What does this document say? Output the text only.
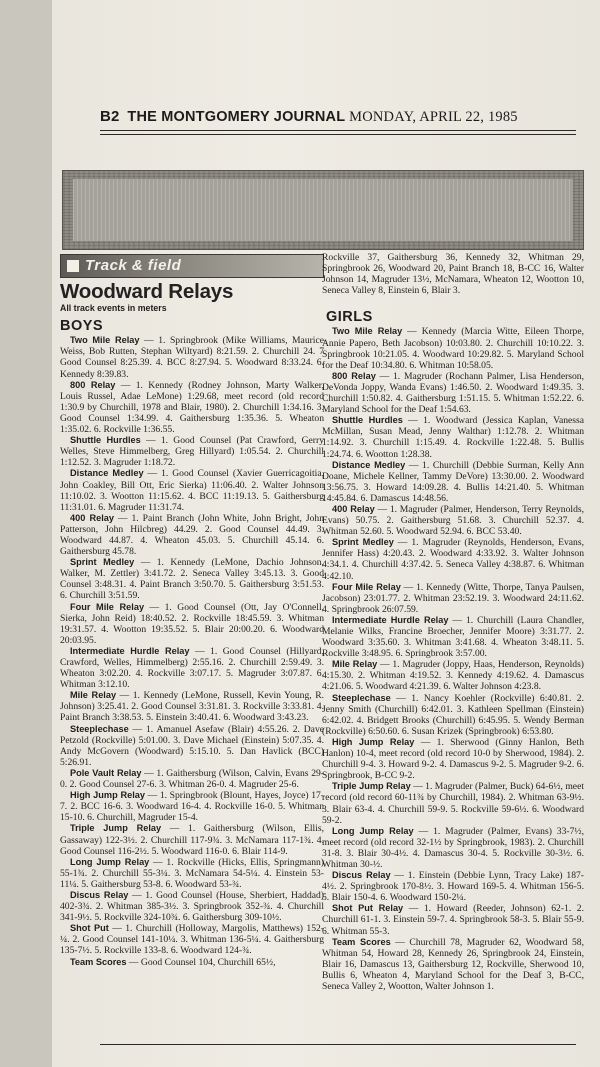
B2 THE MONTGOMERY JOURNAL MONDAY, APRIL 22, 1985
Track & field
Woodward Relays
All track events in meters
BOYS

Two Mile Relay — 1. Springbrook (Mike Williams, Maurice Weiss, Bob Rutten, Stephan Wiltyard) 8:21.59. 2. Churchill 24. 7 Good Counsel 8:25.39. 4. BCC 8:27.94. 5. Woodward 8:33.24. 6. Kennedy 8:39.83.

800 Relay — 1. Kennedy (Rodney Johnson, Marty Walker, Louis Russel, Adae LeMone) 1:29.68, meet record (old record 1:30.9 by Churchill, 1978 and Blair, 1980). 2. Churchill 1:34.16. 3. Good Counsel 1:34.99. 4. Gaithersburg 1:35.36. 5. Wheaton 1:35.02. 6. Rockville 1:36.55.

Shuttle Hurdles — 1. Good Counsel (Pat Crawford, Gerry Welles, Steve Himmelberg, Greg Hillyard) 1:05.54. 2. Churchill 1:12.52. 3. Magruder 1:18.72.

Distance Medley — 1. Good Counsel (Xavier Guerricagoitia, John Coakley, Bill Ott, Eric Sierka) 11:06.40. 2. Walter Johnson 11:10.02. 3. Wootton 11:15.62. 4. BCC 11:19.13. 5. Gaithersburg 11:31.01. 6. Magruder 11:31.74.

400 Relay — 1. Paint Branch (John White, John Bright, John Patterson, John Hilcbreg) 44.29. 2. Good Counsel 44.49. 3. Woodward 44.87. 4. Wheaton 45.03. 5. Churchill 45.14. 6. Gaithersburg 45.78.

Sprint Medley — 1. Kennedy (LeMone, Dachio Johnson, Walker, M. Zettler) 3:41.72. 2. Seneca Valley 3:45.13. 3. Good Counsel 3:48.31. 4. Paint Branch 3:50.70. 5. Gaithersburg 3:51.53. 6. Churchill 3:51.59.

Four Mile Relay — 1. Good Counsel (Ott, Jay O'Connell, Sierka, John Reid) 18:40.52. 2. Rockville 18:45.59. 3. Whitman 19:31.57. 4. Wootton 19:35.52. 5. Blair 20:00.20. 6. Woodward 20:03.95.

Intermediate Hurdle Relay — 1. Good Counsel (Hillyard, Crawford, Welles, Himmelberg) 2:55.16. 2. Churchill 2:59.49. 3. Wheaton 3:02.20. 4. Rockville 3:07.17. 5. Magruder 3:07.87. 6. Whitman 3:12.10.

Mile Relay — 1. Kennedy (LeMone, Russell, Kevin Young, R. Johnson) 3:25.41. 2. Good Counsel 3:31.81. 3. Rockville 3:33.81. 4. Paint Branch 3:38.53. 5. Einstein 3:40.41. 6. Woodward 3:43.23.

Steeplechase — 1. Amanuel Asefaw (Blair) 4:55.26. 2. Dave Petzold (Rockville) 5:01.00. 3. Dave Michael (Einstein) 5:07.35. 4. Andy McGovern (Woodward) 5:15.10. 5. Dan Havlick (BCC) 5:26.91.

Pole Vault Relay — 1. Gaithersburg (Wilson, Calvin, Evans 29-0. 2. Good Counsel 27-6. 3. Whitman 26-0. 4. Magruder 25-6.

High Jump Relay — 1. Springbrook (Blount, Hayes, Joyce) 17-7. 2. BCC 16-6. 3. Woodward 16-4. 4. Rockville 16-0. 5. Whitman 15-10. 6. Churchill, Magruder 15-4.

Triple Jump Relay — 1. Gaithersburg (Wilson, Ellis, Gassaway) 122-3½. 2. Churchill 117-9¾. 3. McNamara 117-1¾. 4. Good Counsel 116-2½. 5. Woodward 116-0. 6. Blair 114-9.

Long Jump Relay — 1. Rockville (Hicks, Ellis, Springmann) 55-1¾. 2. Churchill 55-3¼. 3. McNamara 54-5¼. 4. Einstein 53-11¼. 5. Gaithersburg 53-8. 6. Woodward 53-¾.

Discus Relay — 1. Good Counsel (House, Sherbiert, Haddad) 402-3¾. 2. Whitman 385-3½. 3. Springbrook 352-¾. 4. Churchill 341-9½. 5. Rockville 324-10¾. 6. Gaithersburg 309-10½.

Shot Put — 1. Churchill (Holloway, Margolis, Matthews) 152-¼. 2. Good Counsel 141-10¼. 3. Whitman 136-5¼. 4. Gaithersburg 135-7½. 5. Rockville 133-8. 6. Woodward 124-¾.

Team Scores — Good Counsel 104, Churchill 65½,

Rockville 37, Gaithersburg 36, Kennedy 32, Whitman 29, Springbrook 26, Woodward 20, Paint Branch 18, B-CC 16, Walter Johnson 14, Magruder 13½, McNamara, Wheaton 12, Wootton 10, Seneca Valley 8, Einstein 6, Blair 3.

GIRLS

Two Mile Relay — Kennedy (Marcia Witte, Eileen Thorpe, Annie Papero, Beth Jacobson) 10:03.80. 2. Churchill 10:10.22. 3. Springbrook 10:21.05. 4. Woodward 10:29.82. 5. Maryland School for the Deaf 10:34.80. 6. Whitman 10:58.05.

800 Relay — 1. Magruder (Rochann Palmer, Lisa Henderson, DeVonda Joppy, Wanda Evans) 1:46.50. 2. Woodward 1:49.35. 3. Churchill 1:50.82. 4. Gaithersburg 1:51.15. 5. Whitman 1:52.22. 6. Maryland School for the Deaf 1:54.63.

Shuttle Hurdles — 1. Woodward (Jessica Kaplan, Vanessa McMillan, Susan Mead, Jenny Walthar) 1:12.78. 2. Whitman 1:14.92. 3. Churchill 1:15.49. 4. Rockville 1:22.48. 5. Bullis 1:24.74. 6. Wootton 1:28.38.

Distance Medley — 1. Churchill (Debbie Surman, Kelly Ann Doane, Michele Kellner, Tammy DeVore) 13:30.00. 2. Woodward 13:56.75. 3. Howard 14:09.28. 4. Bullis 14:21.40. 5. Whitman 14:45.84. 6. Damascus 14:48.56.

400 Relay — 1. Magruder (Palmer, Henderson, Terry Reynolds, Evans) 50.75. 2. Gaithersburg 51.68. 3. Churchill 52.37. 4. Whitman 52.60. 5. Woodward 52.94. 6. BCC 53.40.

Sprint Medley — 1. Magruder (Reynolds, Henderson, Evans, Jennifer Hass) 4:20.43. 2. Woodward 4:33.92. 3. Walter Johnson 4:34.1. 4. Churchill 4:37.42. 5. Seneca Valley 4:38.87. 6. Whitman 4:42.10.

Four Mile Relay — 1. Kennedy (Witte, Thorpe, Tanya Paulsen, Jacobson) 23:01.77. 2. Whitman 23:52.19. 3. Woodward 24:11.62. 4. Springbrook 26:07.59.

Intermediate Hurdle Relay — 1. Churchill (Laura Chandler, Melanie Wilks, Francine Broecher, Jennifer Moore) 3:31.77. 2. Woodward 3:35.60. 3. Whitman 3:41.68. 4. Wheaton 3:48.11. 5. Rockville 3:48.95. 6. Springbrook 3:57.00.

Mile Relay — 1. Magruder (Joppy, Haas, Henderson, Reynolds) 4:15.30. 2. Whitman 4:19.52. 3. Kennedy 4:19.62. 4. Damascus 4:21.06. 5. Woodward 4:21.39. 6. Walter Johnson 4:23.8.

Steeplechase — 1. Nancy Koehler (Rockville) 6:40.81. 2. Jenny Smith (Churchill) 6:42.01. 3. Kathleen Spellman (Einstein) 6:42.02. 4. Bridgett Brooks (Churchill) 6:45.95. 5. Wendy Berman (Rockville) 6:50.60. 6. Susan Krizek (Springbrook) 6:53.80.

High Jump Relay — 1. Sherwood (Ginny Hanlon, Beth Hanlon) 10-4, meet record (old record 10-0 by Sherwood, 1984). 2. Churchill 9-4. 3. Howard 9-2. 4. Damascus 9-2. 5. Magruder 9-2. 6. Springbrook, B-CC 9-2.

Triple Jump Relay — 1. Magruder (Palmer, Buck) 64-6½, meet record (old record 60-11¾ by Churchill, 1984). 2. Whitman 63-9½. 3. Blair 63-4. 4. Churchill 59-9. 5. Rockville 59-6½. 6. Woodward 59-2.

Long Jump Relay — 1. Magruder (Palmer, Evans) 33-7½, meet record (old record 32-1½ by Springbrook, 1983). 2. Churchill 31-8. 3. Blair 30-4½. 4. Damascus 30-4. 5. Rockville 30-3½. 6. Whitman 30-½.

Discus Relay — 1. Einstein (Debbie Lynn, Tracy Lake) 187-4½. 2. Springbrook 170-8½. 3. Howard 169-5. 4. Whitman 156-5. 5. Blair 150-4. 6. Woodward 150-2¼.

Shot Put Relay — 1. Howard (Reeder, Johnson) 62-1. 2. Churchill 61-1. 3. Einstein 59-7. 4. Springbrook 58-3. 5. Blair 55-9. 6. Whitman 55-3.

Team Scores — Churchill 78, Magruder 62, Woodward 58, Whitman 54, Howard 28, Kennedy 26, Springbrook 24, Einstein, Blair 16, Damascus 13, Gaithersburg 12, Rockville, Sherwood 10, Bullis 6, Wheaton 4, Maryland School for the Deaf 3, B-CC, Seneca Valley 2, Wootton, Walter Johnson 1.
